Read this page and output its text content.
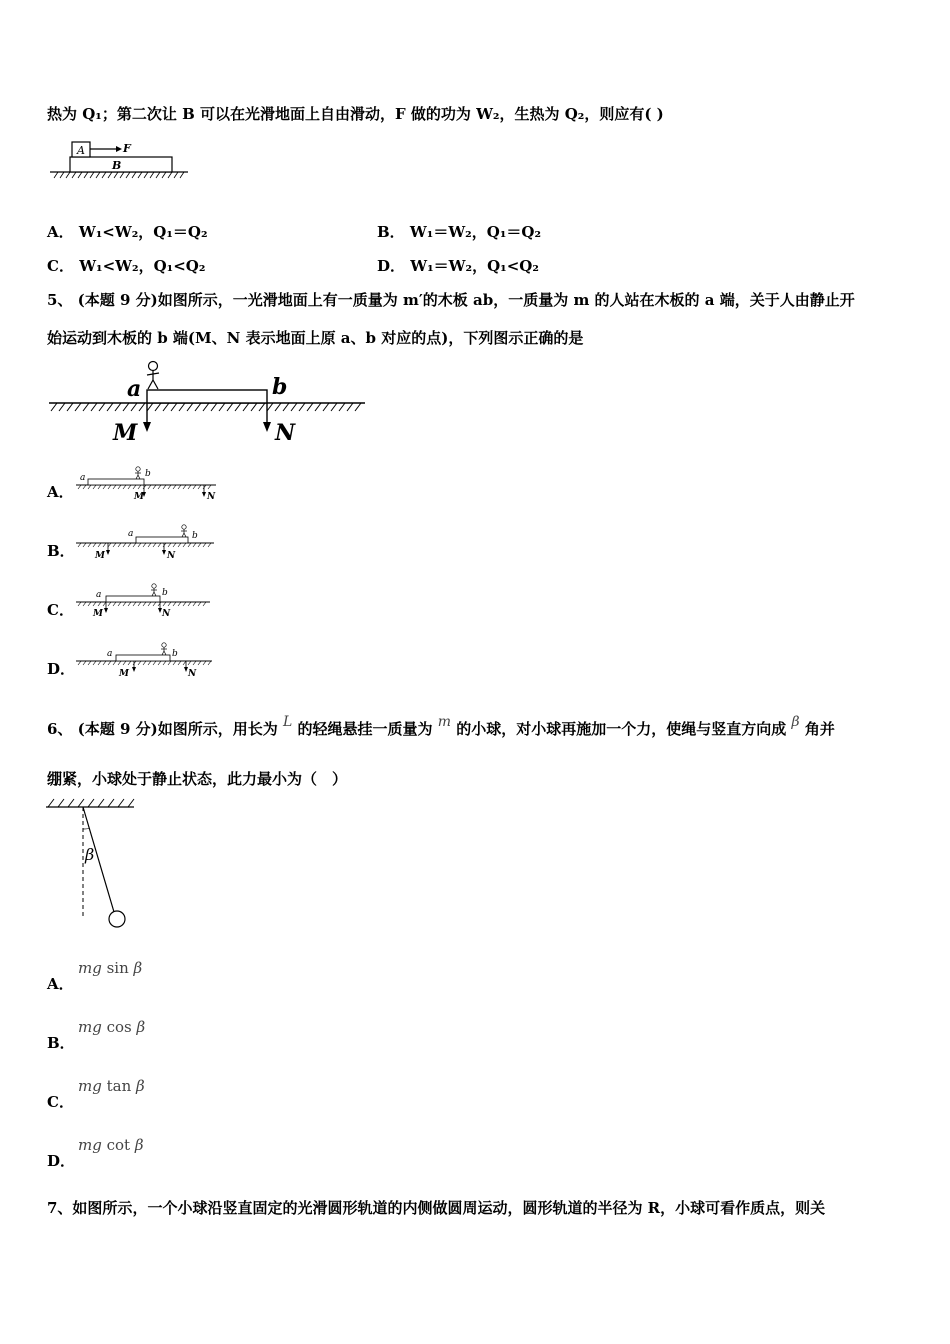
热为 Q₁；第二次让 B 可以在光滑地面上自由滑动，F 做的功为 W₂，生热为 Q₂，则应有( )
A
B
F
A． W₁<W₂，Q₁＝Q₂	B． W₁＝W₂，Q₁＝Q₂
C． W₁<W₂，Q₁<Q₂	D． W₁＝W₂，Q₁<Q₂
5、 (本题 9 分)如图所示，一光滑地面上有一质量为 m′的木板 ab，一质量为 m 的人站在木板的 a 端，关于人由静止开
始运动到木板的 b 端(M、N 表示地面上原 a、b 对应的点)，下列图示正确的是
a	b
M	N
A．
a	b
M	N
B．
a	b
M	N
C．
a	b
M	N
D．
a	b
M	N
6、 (本题 9 分)如图所示，用长为 L 的轻绳悬挂一质量为 m 的小球，对小球再施加一个力，使绳与竖直方向成 β 角并
绷紧，小球处于静止状态，此力最小为（　）
β
A．
mg sin β
B．
mg cos β
C．
mg tan β
D．
mg cot β
7、如图所示，一个小球沿竖直固定的光滑圆形轨道的内侧做圆周运动，圆形轨道的半径为 R，小球可看作质点，则关
